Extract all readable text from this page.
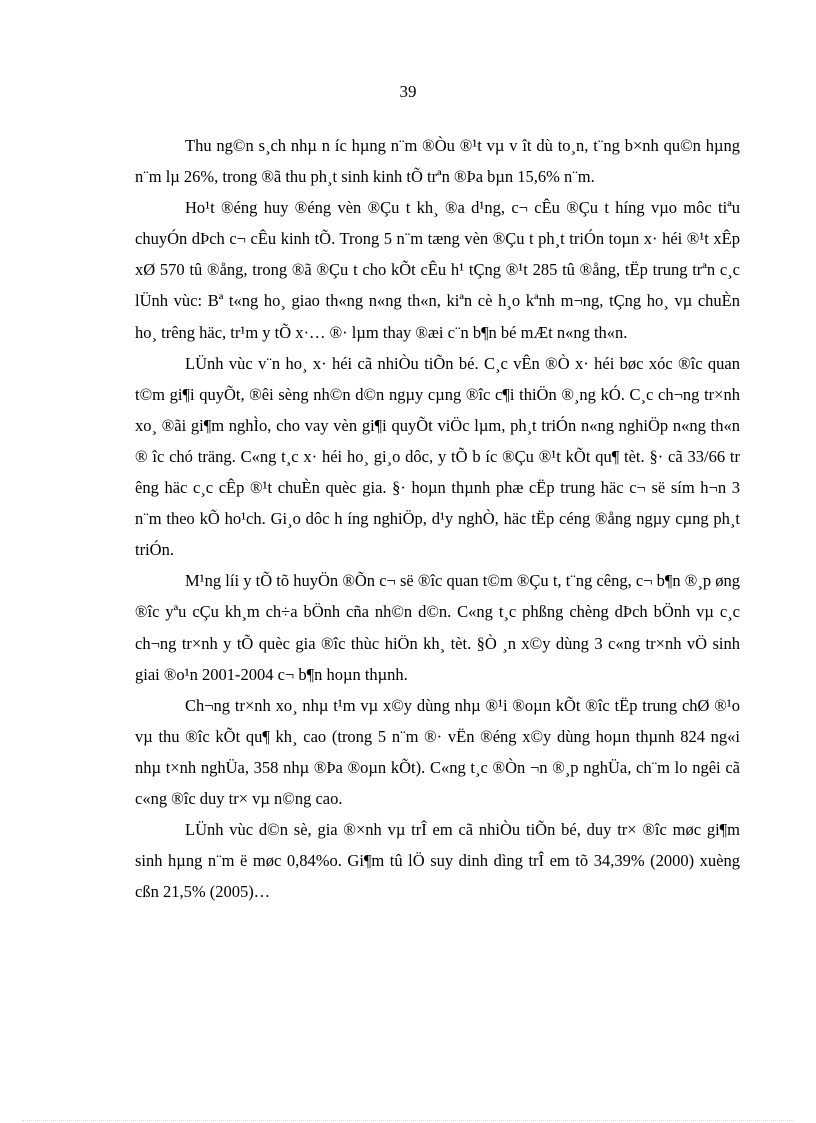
39

Thu ng©n s¸ch nhµ n íc hµng n¨m ®Òu ®¹t vµ v ît dù to¸n, t¨ng b×nh qu©n hµng n¨m lµ 26%, trong ®ã thu ph¸t sinh kinh tÕ trªn ®Þa bµn 15,6% n¨m.

Ho¹t ®éng huy ®éng vèn ®Çu t kh¸ ®a d¹ng, c¬ cÊu ®Çu t híng vµo môc tiªu chuyÓn dÞch c¬ cÊu kinh tÕ. Trong 5 n¨m tæng vèn ®Çu t ph¸t triÓn toµn x· héi ®¹t xÊp xØ 570 tû ®ång, trong ®ã ®Çu t cho kÕt cÊu h¹ tÇng ®¹t 285 tû ®ång, tËp trung trªn c¸c lÜnh vùc: Bª t«ng ho¸ giao th«ng n«ng th«n, kiªn cè h¸o kªnh m¬ng, tÇng ho¸ vµ chuÈn ho¸ trêng häc, tr¹m y tÕ x·… ®· lµm thay ®æi c¨n b¶n bé mÆt n«ng th«n.

LÜnh vùc v¨n ho¸ x· héi cã nhiÒu tiÕn bé. C¸c vÊn ®Ò x· héi bøc xóc ®îc quan t©m gi¶i quyÕt, ®êi sèng nh©n d©n ngµy cµng ®îc c¶i thiÖn ®¸ng kÓ. C¸c ch¬ng tr×nh xo¸ ®ãi gi¶m nghÌo, cho vay vèn gi¶i quyÕt viÖc lµm, ph¸t triÓn n«ng nghiÖp n«ng th«n ® îc chó träng. C«ng t¸c x· héi ho¸ gi¸o dôc, y tÕ b íc ®Çu ®¹t kÕt qu¶ tèt. §· cã 33/66 tr êng häc c¸c cÊp ®¹t chuÈn quèc gia. §· hoµn thµnh phæ cËp trung häc c¬ së sím h¬n 3 n¨m theo kÕ ho¹ch. Gi¸o dôc h íng nghiÖp, d¹y nghÒ, häc tËp céng ®ång ngµy cµng ph¸t triÓn.

M¹ng líi y tÕ tõ huyÖn ®Õn c¬ së ®îc quan t©m ®Çu t, t¨ng cêng, c¬ b¶n ®¸p øng ®îc yªu cÇu kh¸m ch÷a bÖnh cña nh©n d©n. C«ng t¸c phßng chèng dÞch bÖnh vµ c¸c ch¬ng tr×nh y tÕ quèc gia ®îc thùc hiÖn kh¸ tèt. §Ò ¸n x©y dùng 3 c«ng tr×nh vÖ sinh giai ®o¹n 2001-2004 c¬ b¶n hoµn thµnh.

Ch¬ng tr×nh xo¸ nhµ t¹m vµ x©y dùng nhµ ®¹i ®oµn kÕt ®îc tËp trung chØ ®¹o vµ thu ®îc kÕt qu¶ kh¸ cao (trong 5 n¨m ®· vËn ®éng x©y dùng hoµn thµnh 824 ng«i nhµ t×nh nghÜa, 358 nhµ ®Þa ®oµn kÕt). C«ng t¸c ®Òn ¬n ®¸p nghÜa, ch¨m lo ngêi cã c«ng ®îc duy tr× vµ n©ng cao.

LÜnh vùc d©n sè, gia ®×nh vµ trÎ em cã nhiÒu tiÕn bé, duy tr× ®îc møc gi¶m sinh hµng n¨m ë møc 0,84%o. Gi¶m tû lÖ suy dinh dìng trÎ em tõ 34,39% (2000) xuèng cßn 21,5% (2005)…
